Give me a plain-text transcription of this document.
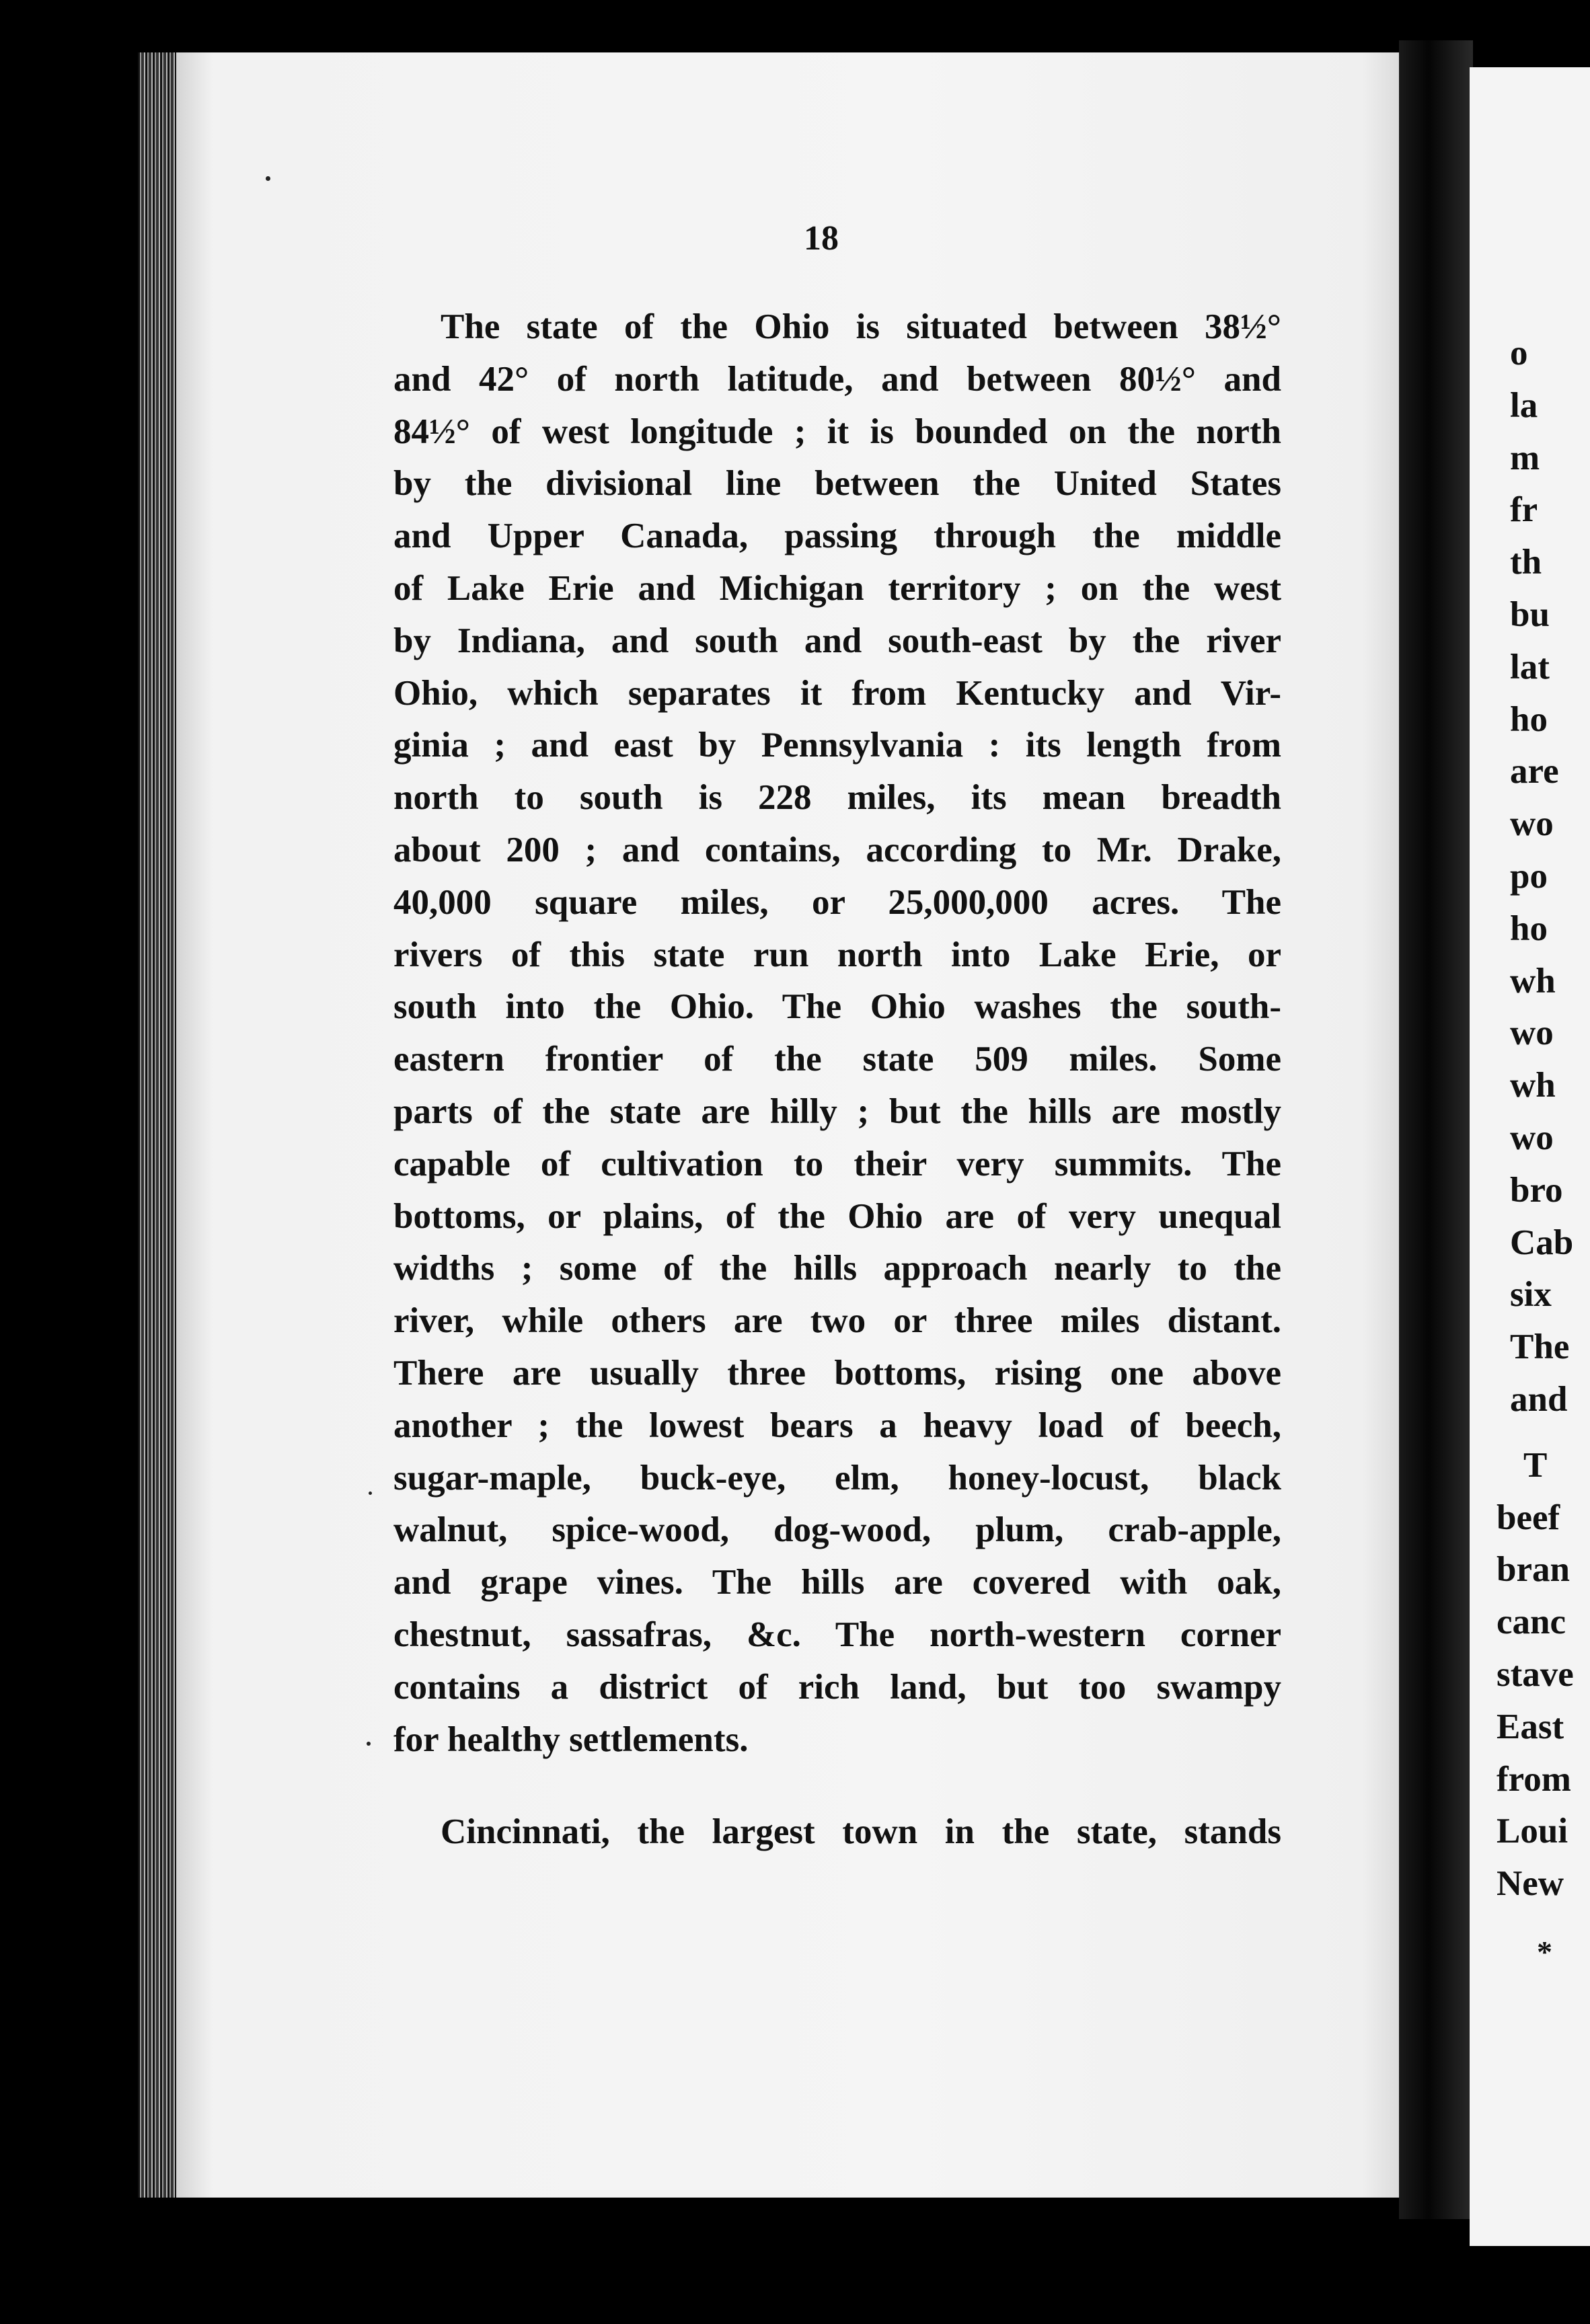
o
la
m
fr
th
bu
lat
ho
are
wo
po
ho
wh
wo
wh
wo
bro
Cab
six
The
and
T
beef
bran
canc
stave
East
from
Loui
New
*
18
The state of the Ohio is situated between 38½°
and 42° of north latitude, and between 80½° and
84½° of west longitude ; it is bounded on the north
by the divisional line between the United States
and Upper Canada, passing through the middle
of Lake Erie and Michigan territory ; on the west
by Indiana, and south and south-east by the river
Ohio, which separates it from Kentucky and Vir-
ginia ; and east by Pennsylvania : its length from
north to south is 228 miles, its mean breadth
about 200 ; and contains, according to Mr. Drake,
40,000 square miles, or 25,000,000 acres. The
rivers of this state run north into Lake Erie, or
south into the Ohio. The Ohio washes the south-
eastern frontier of the state 509 miles. Some
parts of the state are hilly ; but the hills are mostly
capable of cultivation to their very summits. The
bottoms, or plains, of the Ohio are of very unequal
widths ; some of the hills approach nearly to the
river, while others are two or three miles distant.
There are usually three bottoms, rising one above
another ; the lowest bears a heavy load of beech,
sugar-maple, buck-eye, elm, honey-locust, black
walnut, spice-wood, dog-wood, plum, crab-apple,
and grape vines. The hills are covered with oak,
chestnut, sassafras, &c. The north-western corner
contains a district of rich land, but too swampy
for healthy settlements.
Cincinnati, the largest town in the state, stands
